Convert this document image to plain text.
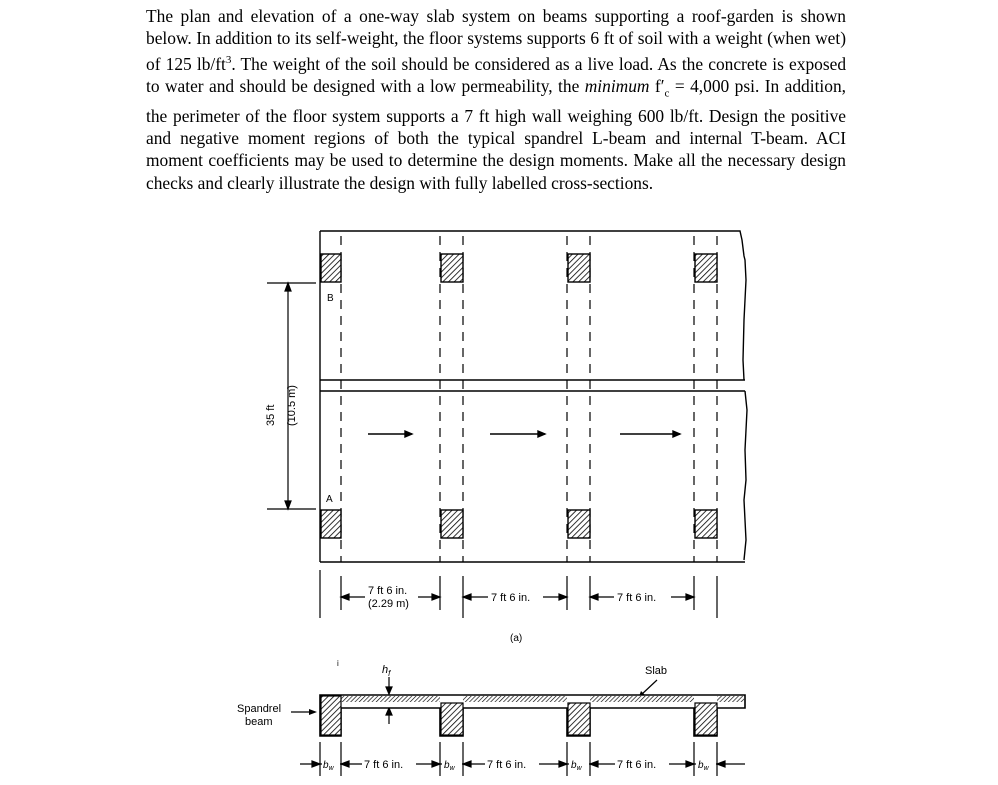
The plan and elevation of a one-way slab system on beams supporting a roof-garden is shown below. In addition to its self-weight, the floor systems supports 6 ft of soil with a weight (when wet) of 125 $lb/ft^3$. The weight of the soil should be considered as a live load. As the concrete is exposed to water and should be designed with a low permeability, the minimum $f'_c = 4,000$ psi. In addition, the perimeter of the floor system supports a 7 ft high wall weighing 600 lb/ft. Design the positive and negative moment regions of both the typical spandrel L-beam and internal T-beam. ACI moment coefficients may be used to determine the design moments. Make all the necessary design checks and clearly illustrate the design with fully labelled cross-sections.

B
A
35 ft (10.5 m)
7 ft 6 in.
(2.29 m)	7 ft 6 in.	7 ft 6 in.
(a)
i
$h_f$	Slab
Spandrel
beam
$b_w$	$b_w$	$b_w$	$b_w$
7 ft 6 in.	7 ft 6 in.	7 ft 6 in.
